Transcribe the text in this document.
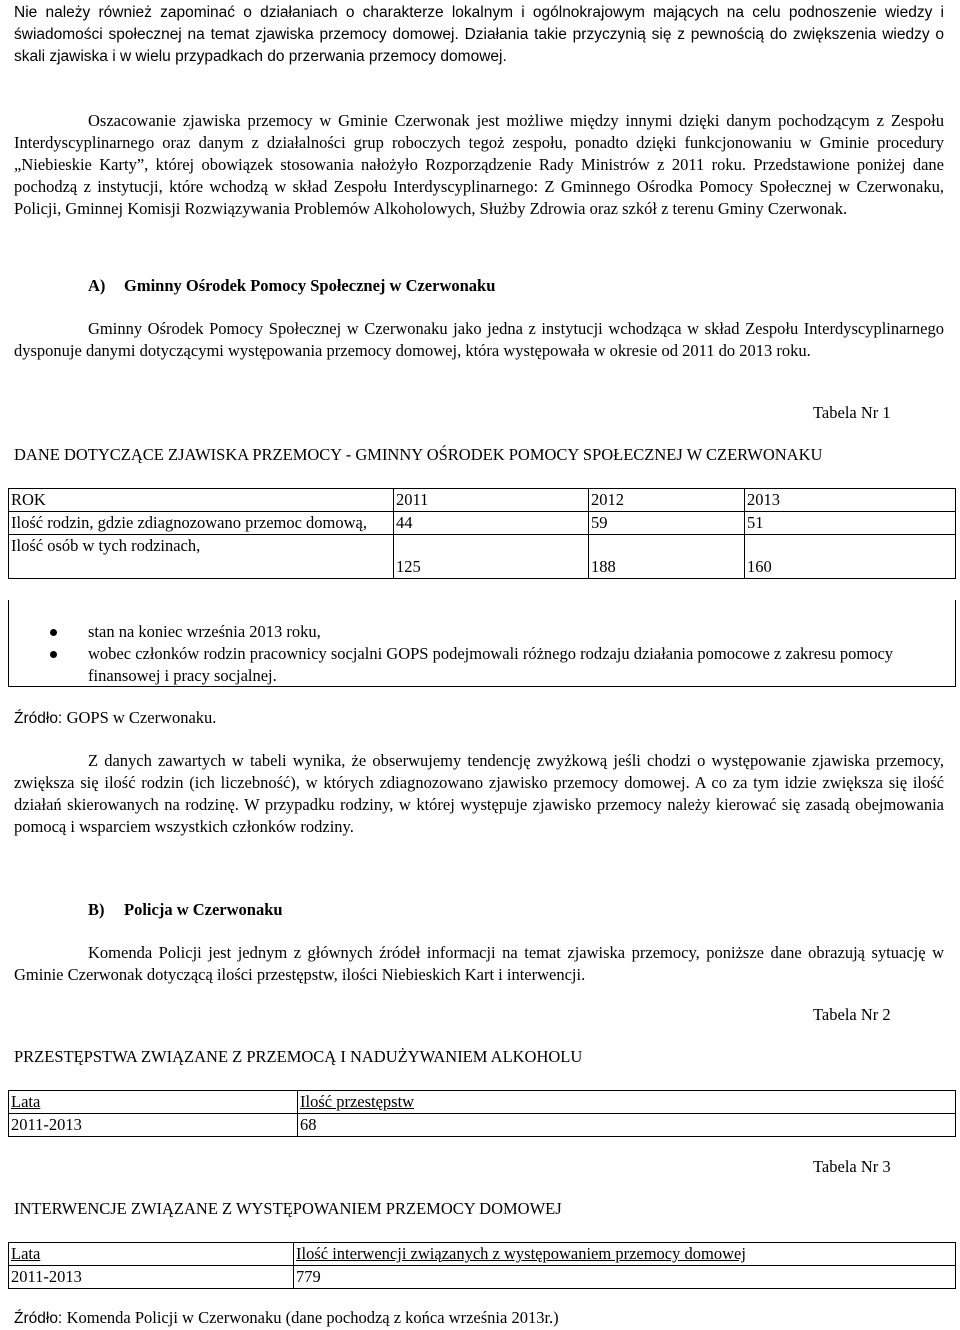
Nie należy również zapominać o działaniach o charakterze lokalnym i ogólnokrajowym mających na celu podnoszenie wiedzy i świadomości społecznej na temat zjawiska przemocy domowej. Działania takie przyczynią się z pewnością do zwiększenia wiedzy o skali zjawiska i w wielu przypadkach do przerwania przemocy domowej.

Oszacowanie zjawiska przemocy w Gminie Czerwonak jest możliwe między innymi dzięki danym pochodzącym z Zespołu Interdyscyplinarnego oraz danym z działalności grup roboczych tegoż zespołu, ponadto dzięki funkcjonowaniu w Gminie procedury „Niebieskie Karty”, której obowiązek stosowania nałożyło Rozporządzenie Rady Ministrów z 2011 roku. Przedstawione poniżej dane pochodzą z instytucji, które wchodzą w skład Zespołu Interdyscyplinarnego: Z Gminnego Ośrodka Pomocy Społecznej w Czerwonaku, Policji, Gminnej Komisji Rozwiązywania Problemów Alkoholowych, Służby Zdrowia oraz szkół z terenu Gminy Czerwonak.

A) Gminny Ośrodek Pomocy Społecznej w Czerwonaku

Gminny Ośrodek Pomocy Społecznej w Czerwonaku jako jedna z instytucji wchodząca w skład Zespołu Interdyscyplinarnego dysponuje danymi dotyczącymi występowania przemocy domowej, która występowała w okresie od 2011 do 2013 roku.

Tabela Nr 1
DANE DOTYCZĄCE ZJAWISKA PRZEMOCY - GMINNY OŚRODEK POMOCY SPOŁECZNEJ W CZERWONAKU
ROK	2011	2012	2013
Ilość rodzin, gdzie zdiagnozowano przemoc domową,	44	59	51
Ilość osób w tych rodzinach,	125	188	160
stan na koniec września 2013 roku,
wobec członków rodzin pracownicy socjalni GOPS podejmowali różnego rodzaju działania pomocowe z zakresu pomocy finansowej i pracy socjalnej.
Źródło: GOPS w Czerwonaku.

Z danych zawartych w tabeli wynika, że obserwujemy tendencję zwyżkową jeśli chodzi o występowanie zjawiska przemocy, zwiększa się ilość rodzin (ich liczebność), w których zdiagnozowano zjawisko przemocy domowej. A co za tym idzie zwiększa się ilość działań skierowanych na rodzinę. W przypadku rodziny, w której występuje zjawisko przemocy należy kierować się zasadą obejmowania pomocą i wsparciem wszystkich członków rodziny.

B) Policja w Czerwonaku

Komenda Policji jest jednym z głównych źródeł informacji na temat zjawiska przemocy, poniższe dane obrazują sytuację w Gminie Czerwonak dotyczącą ilości przestępstw, ilości Niebieskich Kart i interwencji.

Tabela Nr 2
PRZESTĘPSTWA ZWIĄZANE Z PRZEMOCĄ I NADUŻYWANIEM ALKOHOLU
Lata	Ilość przestępstw
2011-2013	68
Tabela Nr 3
INTERWENCJE ZWIĄZANE Z WYSTĘPOWANIEM PRZEMOCY DOMOWEJ
Lata	Ilość interwencji związanych z występowaniem przemocy domowej
2011-2013	779
Źródło: Komenda Policji w Czerwonaku (dane pochodzą z końca września 2013r.)
